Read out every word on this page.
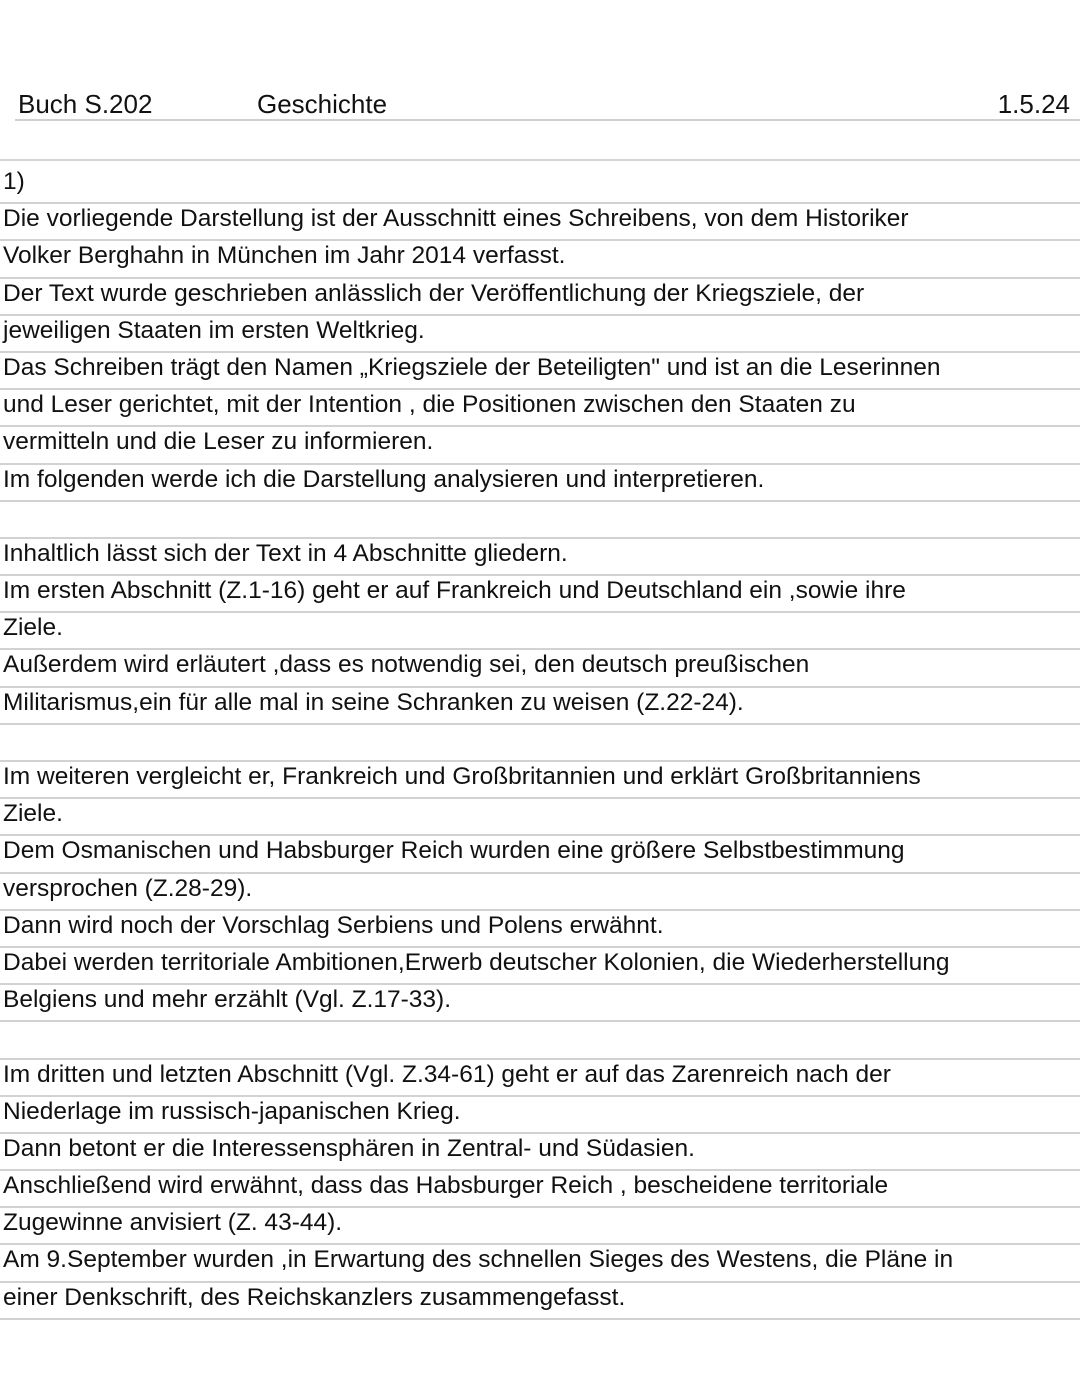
Buch S.202	Geschichte	1.5.24
1)
Die vorliegende Darstellung ist der Ausschnitt eines Schreibens, von dem Historiker
Volker Berghahn in München im Jahr 2014 verfasst.
Der Text wurde geschrieben anlässlich der Veröffentlichung der Kriegsziele, der
jeweiligen Staaten im ersten Weltkrieg.
Das Schreiben trägt den Namen „Kriegsziele der Beteiligten" und ist an die Leserinnen
und Leser gerichtet, mit der Intention , die Positionen zwischen den Staaten zu
vermitteln und die Leser zu informieren.
Im folgenden werde ich die Darstellung analysieren und interpretieren.
Inhaltlich lässt sich der Text in 4 Abschnitte gliedern.
Im ersten Abschnitt (Z.1-16) geht er auf Frankreich und Deutschland ein ,sowie ihre
Ziele.
Außerdem wird erläutert ,dass es notwendig sei, den deutsch preußischen
Militarismus,ein für alle mal in seine Schranken zu weisen (Z.22-24).
Im weiteren vergleicht er, Frankreich und Großbritannien und erklärt Großbritanniens
Ziele.
Dem Osmanischen und Habsburger Reich wurden eine größere Selbstbestimmung
versprochen (Z.28-29).
Dann wird noch der Vorschlag Serbiens und Polens erwähnt.
Dabei werden territoriale Ambitionen,Erwerb deutscher Kolonien, die Wiederherstellung
Belgiens und mehr erzählt (Vgl. Z.17-33).
Im dritten und letzten Abschnitt (Vgl. Z.34-61) geht er auf das Zarenreich nach der
Niederlage im russisch-japanischen Krieg.
Dann betont er die Interessensphären in Zentral- und Südasien.
Anschließend wird erwähnt, dass das Habsburger Reich , bescheidene territoriale
Zugewinne anvisiert (Z. 43-44).
Am 9.September wurden ,in Erwartung des schnellen Sieges des Westens, die Pläne in
einer Denkschrift, des Reichskanzlers zusammengefasst.
